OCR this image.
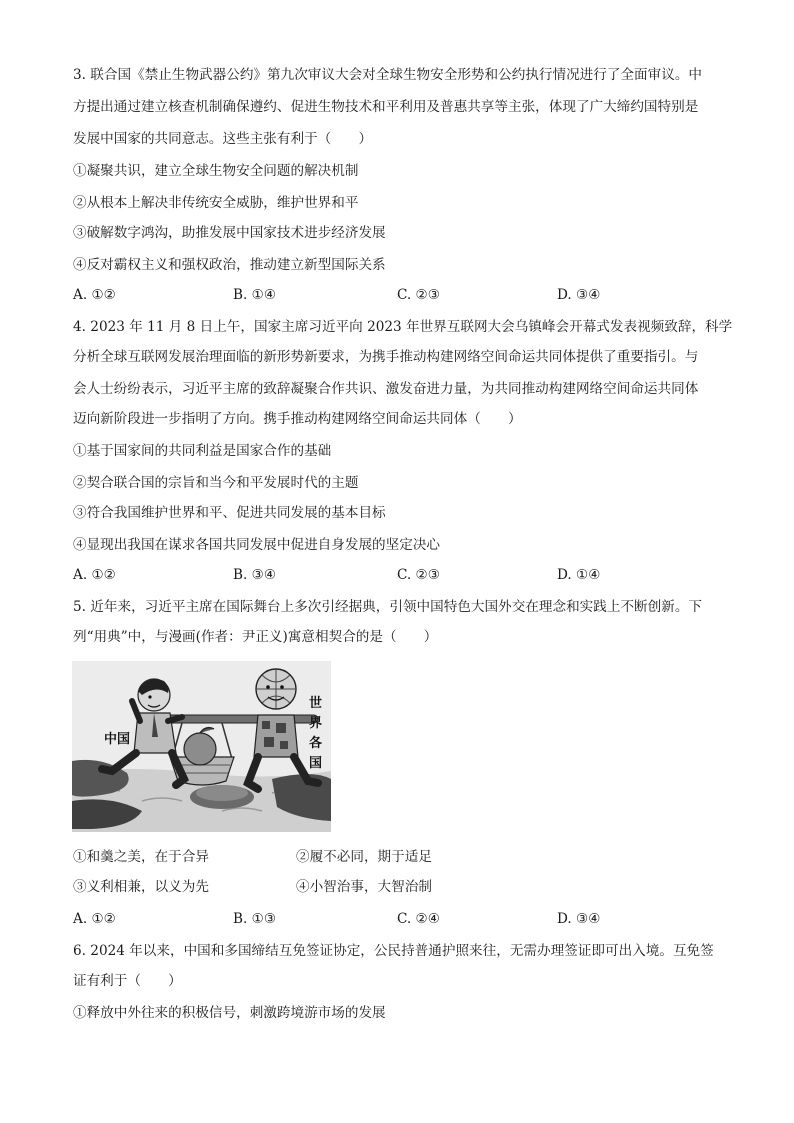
3. 联合国《禁止生物武器公约》第九次审议大会对全球生物安全形势和公约执行情况进行了全面审议。中
方提出通过建立核查机制确保遵约、促进生物技术和平利用及普惠共享等主张，体现了广大缔约国特别是
发展中国家的共同意志。这些主张有利于（　　）
①凝聚共识，建立全球生物安全问题的解决机制
②从根本上解决非传统安全威胁，维护世界和平
③破解数字鸿沟，助推发展中国家技术进步经济发展
④反对霸权主义和强权政治，推动建立新型国际关系
A. ①②	B. ①④	C. ②③	D. ③④
4. 2023 年 11 月 8 日上午，国家主席习近平向 2023 年世界互联网大会乌镇峰会开幕式发表视频致辞，科学
分析全球互联网发展治理面临的新形势新要求，为携手推动构建网络空间命运共同体提供了重要指引。与
会人士纷纷表示，习近平主席的致辞凝聚合作共识、激发奋进力量，为共同推动构建网络空间命运共同体
迈向新阶段进一步指明了方向。携手推动构建网络空间命运共同体（　　）
①基于国家间的共同利益是国家合作的基础
②契合联合国的宗旨和当今和平发展时代的主题
③符合我国维护世界和平、促进共同发展的基本目标
④显现出我国在谋求各国共同发展中促进自身发展的坚定决心
A. ①②	B. ③④	C. ②③	D. ①④
5. 近年来，习近平主席在国际舞台上多次引经据典，引领中国特色大国外交在理念和实践上不断创新。下
列“用典”中，与漫画(作者：尹正义)寓意相契合的是（　　）
中国
世
界
各
国
①和羹之美，在于合异	②履不必同，期于适足
③义利相兼，以义为先	④小智治事，大智治制
A. ①②	B. ①③	C. ②④	D. ③④
6. 2024 年以来，中国和多国缔结互免签证协定，公民持普通护照来往，无需办理签证即可出入境。互免签
证有利于（　　）
①释放中外往来的积极信号，刺激跨境游市场的发展
